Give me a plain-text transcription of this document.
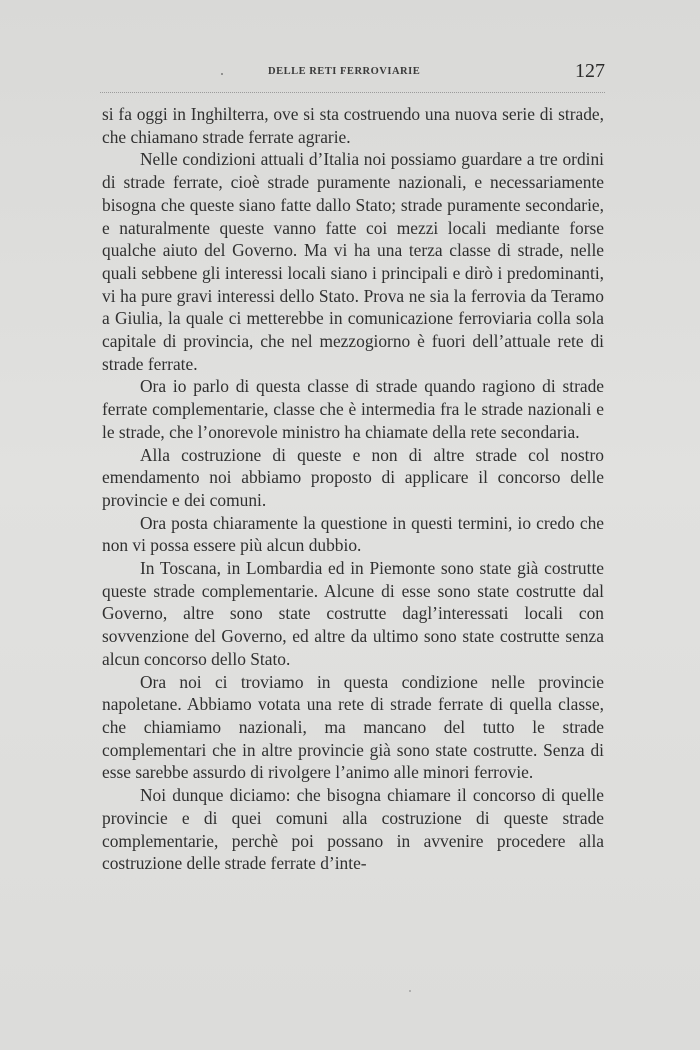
DELLE RETI FERROVIARIE	127

si fa oggi in Inghilterra, ove si sta costruendo una nuova serie di strade, che chiamano strade ferrate agrarie.

Nelle condizioni attuali d’Italia noi possiamo guardare a tre ordini di strade ferrate, cioè strade puramente nazionali, e necessariamente bisogna che queste siano fatte dallo Stato; strade puramente secondarie, e naturalmente queste vanno fatte coi mezzi locali mediante forse qualche aiuto del Governo. Ma vi ha una terza classe di strade, nelle quali sebbene gli interessi locali siano i principali e dirò i predominanti, vi ha pure gravi interessi dello Stato. Prova ne sia la ferrovia da Teramo a Giulia, la quale ci metterebbe in comunicazione ferroviaria colla sola capitale di provincia, che nel mezzogiorno è fuori dell’attuale rete di strade ferrate.

Ora io parlo di questa classe di strade quando ragiono di strade ferrate complementarie, classe che è intermedia fra le strade nazionali e le strade, che l’onorevole ministro ha chiamate della rete secondaria.

Alla costruzione di queste e non di altre strade col nostro emendamento noi abbiamo proposto di applicare il concorso delle provincie e dei comuni.

Ora posta chiaramente la questione in questi termini, io credo che non vi possa essere più alcun dubbio.

In Toscana, in Lombardia ed in Piemonte sono state già costrutte queste strade complementarie. Alcune di esse sono state costrutte dal Governo, altre sono state costrutte dagl’interessati locali con sovvenzione del Governo, ed altre da ultimo sono state costrutte senza alcun concorso dello Stato.

Ora noi ci troviamo in questa condizione nelle provincie napoletane. Abbiamo votata una rete di strade ferrate di quella classe, che chiamiamo nazionali, ma mancano del tutto le strade complementari che in altre provincie già sono state costrutte. Senza di esse sarebbe assurdo di rivolgere l’animo alle minori ferrovie.

Noi dunque diciamo: che bisogna chiamare il concorso di quelle provincie e di quei comuni alla costruzione di queste strade complementarie, perchè poi possano in avvenire procedere alla costruzione delle strade ferrate d’inte-
